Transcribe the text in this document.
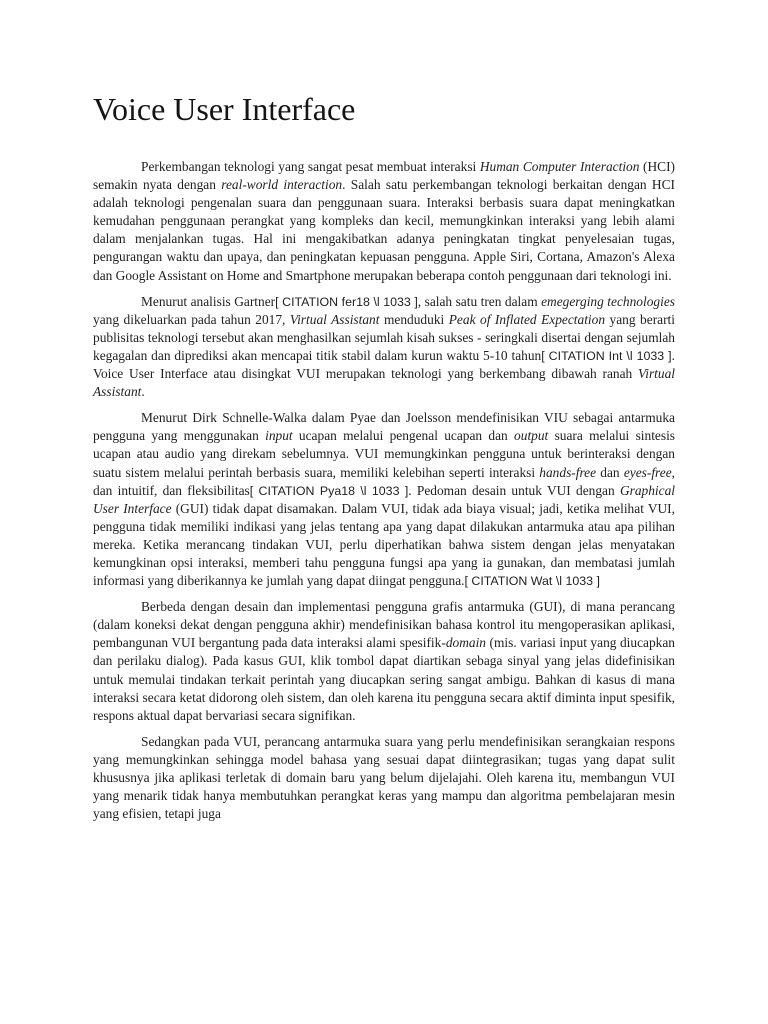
Voice User Interface

Perkembangan teknologi yang sangat pesat membuat interaksi Human Computer Interaction (HCI) semakin nyata dengan real-world interaction. Salah satu perkembangan teknologi berkaitan dengan HCI adalah teknologi pengenalan suara dan penggunaan suara. Interaksi berbasis suara dapat meningkatkan kemudahan penggunaan perangkat yang kompleks dan kecil, memungkinkan interaksi yang lebih alami dalam menjalankan tugas. Hal ini mengakibatkan adanya peningkatan tingkat penyelesaian tugas, pengurangan waktu dan upaya, dan peningkatan kepuasan pengguna. Apple Siri, Cortana, Amazon's Alexa dan Google Assistant on Home and Smartphone merupakan beberapa contoh penggunaan dari teknologi ini.

Menurut analisis Gartner[ CITATION fer18 \l 1033 ], salah satu tren dalam emegerging technologies yang dikeluarkan pada tahun 2017, Virtual Assistant menduduki Peak of Inflated Expectation yang berarti publisitas teknologi tersebut akan menghasilkan sejumlah kisah sukses - seringkali disertai dengan sejumlah kegagalan dan diprediksi akan mencapai titik stabil dalam kurun waktu 5-10 tahun[ CITATION Int \l 1033 ]. Voice User Interface atau disingkat VUI merupakan teknologi yang berkembang dibawah ranah Virtual Assistant.

Menurut Dirk Schnelle-Walka dalam Pyae dan Joelsson mendefinisikan VIU sebagai antarmuka pengguna yang menggunakan input ucapan melalui pengenal ucapan dan output suara melalui sintesis ucapan atau audio yang direkam sebelumnya. VUI memungkinkan pengguna untuk berinteraksi dengan suatu sistem melalui perintah berbasis suara, memiliki kelebihan seperti interaksi hands-free dan eyes-free, dan intuitif, dan fleksibilitas[ CITATION Pya18 \l 1033 ]. Pedoman desain untuk VUI dengan Graphical User Interface (GUI) tidak dapat disamakan. Dalam VUI, tidak ada biaya visual; jadi, ketika melihat VUI, pengguna tidak memiliki indikasi yang jelas tentang apa yang dapat dilakukan antarmuka atau apa pilihan mereka. Ketika merancang tindakan VUI, perlu diperhatikan bahwa sistem dengan jelas menyatakan kemungkinan opsi interaksi, memberi tahu pengguna fungsi apa yang ia gunakan, dan membatasi jumlah informasi yang diberikannya ke jumlah yang dapat diingat pengguna.[ CITATION Wat \l 1033 ]

Berbeda dengan desain dan implementasi pengguna grafis antarmuka (GUI), di mana perancang (dalam koneksi dekat dengan pengguna akhir) mendefinisikan bahasa kontrol itu mengoperasikan aplikasi, pembangunan VUI bergantung pada data interaksi alami spesifik-domain (mis. variasi input yang diucapkan dan perilaku dialog). Pada kasus GUI, klik tombol dapat diartikan sebaga sinyal yang jelas didefinisikan untuk memulai tindakan terkait perintah yang diucapkan sering sangat ambigu. Bahkan di kasus di mana interaksi secara ketat didorong oleh sistem, dan oleh karena itu pengguna secara aktif diminta input spesifik, respons aktual dapat bervariasi secara signifikan.

Sedangkan pada VUI, perancang antarmuka suara yang perlu mendefinisikan serangkaian respons yang memungkinkan sehingga model bahasa yang sesuai dapat diintegrasikan; tugas yang dapat sulit khususnya jika aplikasi terletak di domain baru yang belum dijelajahi. Oleh karena itu, membangun VUI yang menarik tidak hanya membutuhkan perangkat keras yang mampu dan algoritma pembelajaran mesin yang efisien, tetapi juga
